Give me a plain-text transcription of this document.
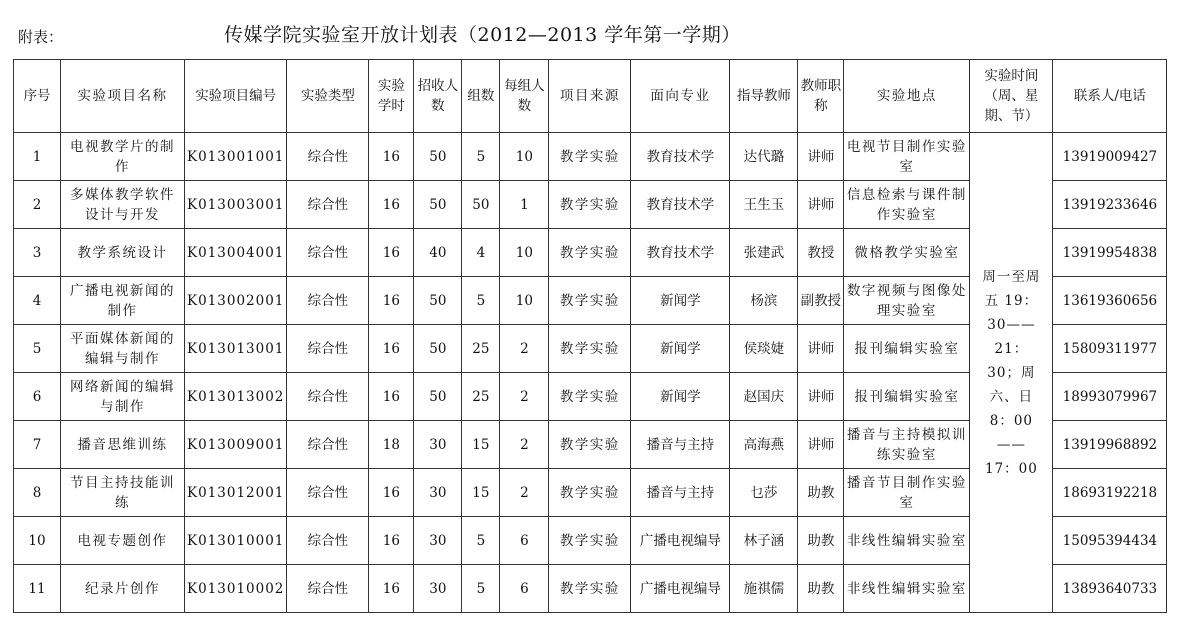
附表：	传媒学院实验室开放计划表（2012—2013 学年第一学期）
序号	实验项目名称	实验项目编号	实验类型	实验学时	招收人数	组数	每组人数	项目来源	面向专业	指导教师	教师职称	实验地点	实验时间（周、星期、节）	联系人/电话
1	电视教学片的制作	K013001001	综合性	16	50	5	10	教学实验	教育技术学	达代璐	讲师	电视节目制作实验室	周一至周五 19：30——21：30；周六、日 8：00——17：00	13919009427
2	多媒体教学软件设计与开发	K013003001	综合性	16	50	50	1	教学实验	教育技术学	王生玉	讲师	信息检索与课件制作实验室		13919233646
3	教学系统设计	K013004001	综合性	16	40	4	10	教学实验	教育技术学	张建武	教授	微格教学实验室		13919954838
4	广播电视新闻的制作	K013002001	综合性	16	50	5	10	教学实验	新闻学	杨滨	副教授	数字视频与图像处理实验室		13619360656
5	平面媒体新闻的编辑与制作	K013013001	综合性	16	50	25	2	教学实验	新闻学	侯琰婕	讲师	报刊编辑实验室		15809311977
6	网络新闻的编辑与制作	K013013002	综合性	16	50	25	2	教学实验	新闻学	赵国庆	讲师	报刊编辑实验室		18993079967
7	播音思维训练	K013009001	综合性	18	30	15	2	教学实验	播音与主持	高海燕	讲师	播音与主持模拟训练实验室		13919968892
8	节目主持技能训练	K013012001	综合性	16	30	15	2	教学实验	播音与主持	乜莎	助教	播音节目制作实验室		18693192218
10	电视专题创作	K013010001	综合性	16	30	5	6	教学实验	广播电视编导	林子涵	助教	非线性编辑实验室		15095394434
11	纪录片创作	K013010002	综合性	16	30	5	6	教学实验	广播电视编导	施祺儒	助教	非线性编辑实验室		13893640733
